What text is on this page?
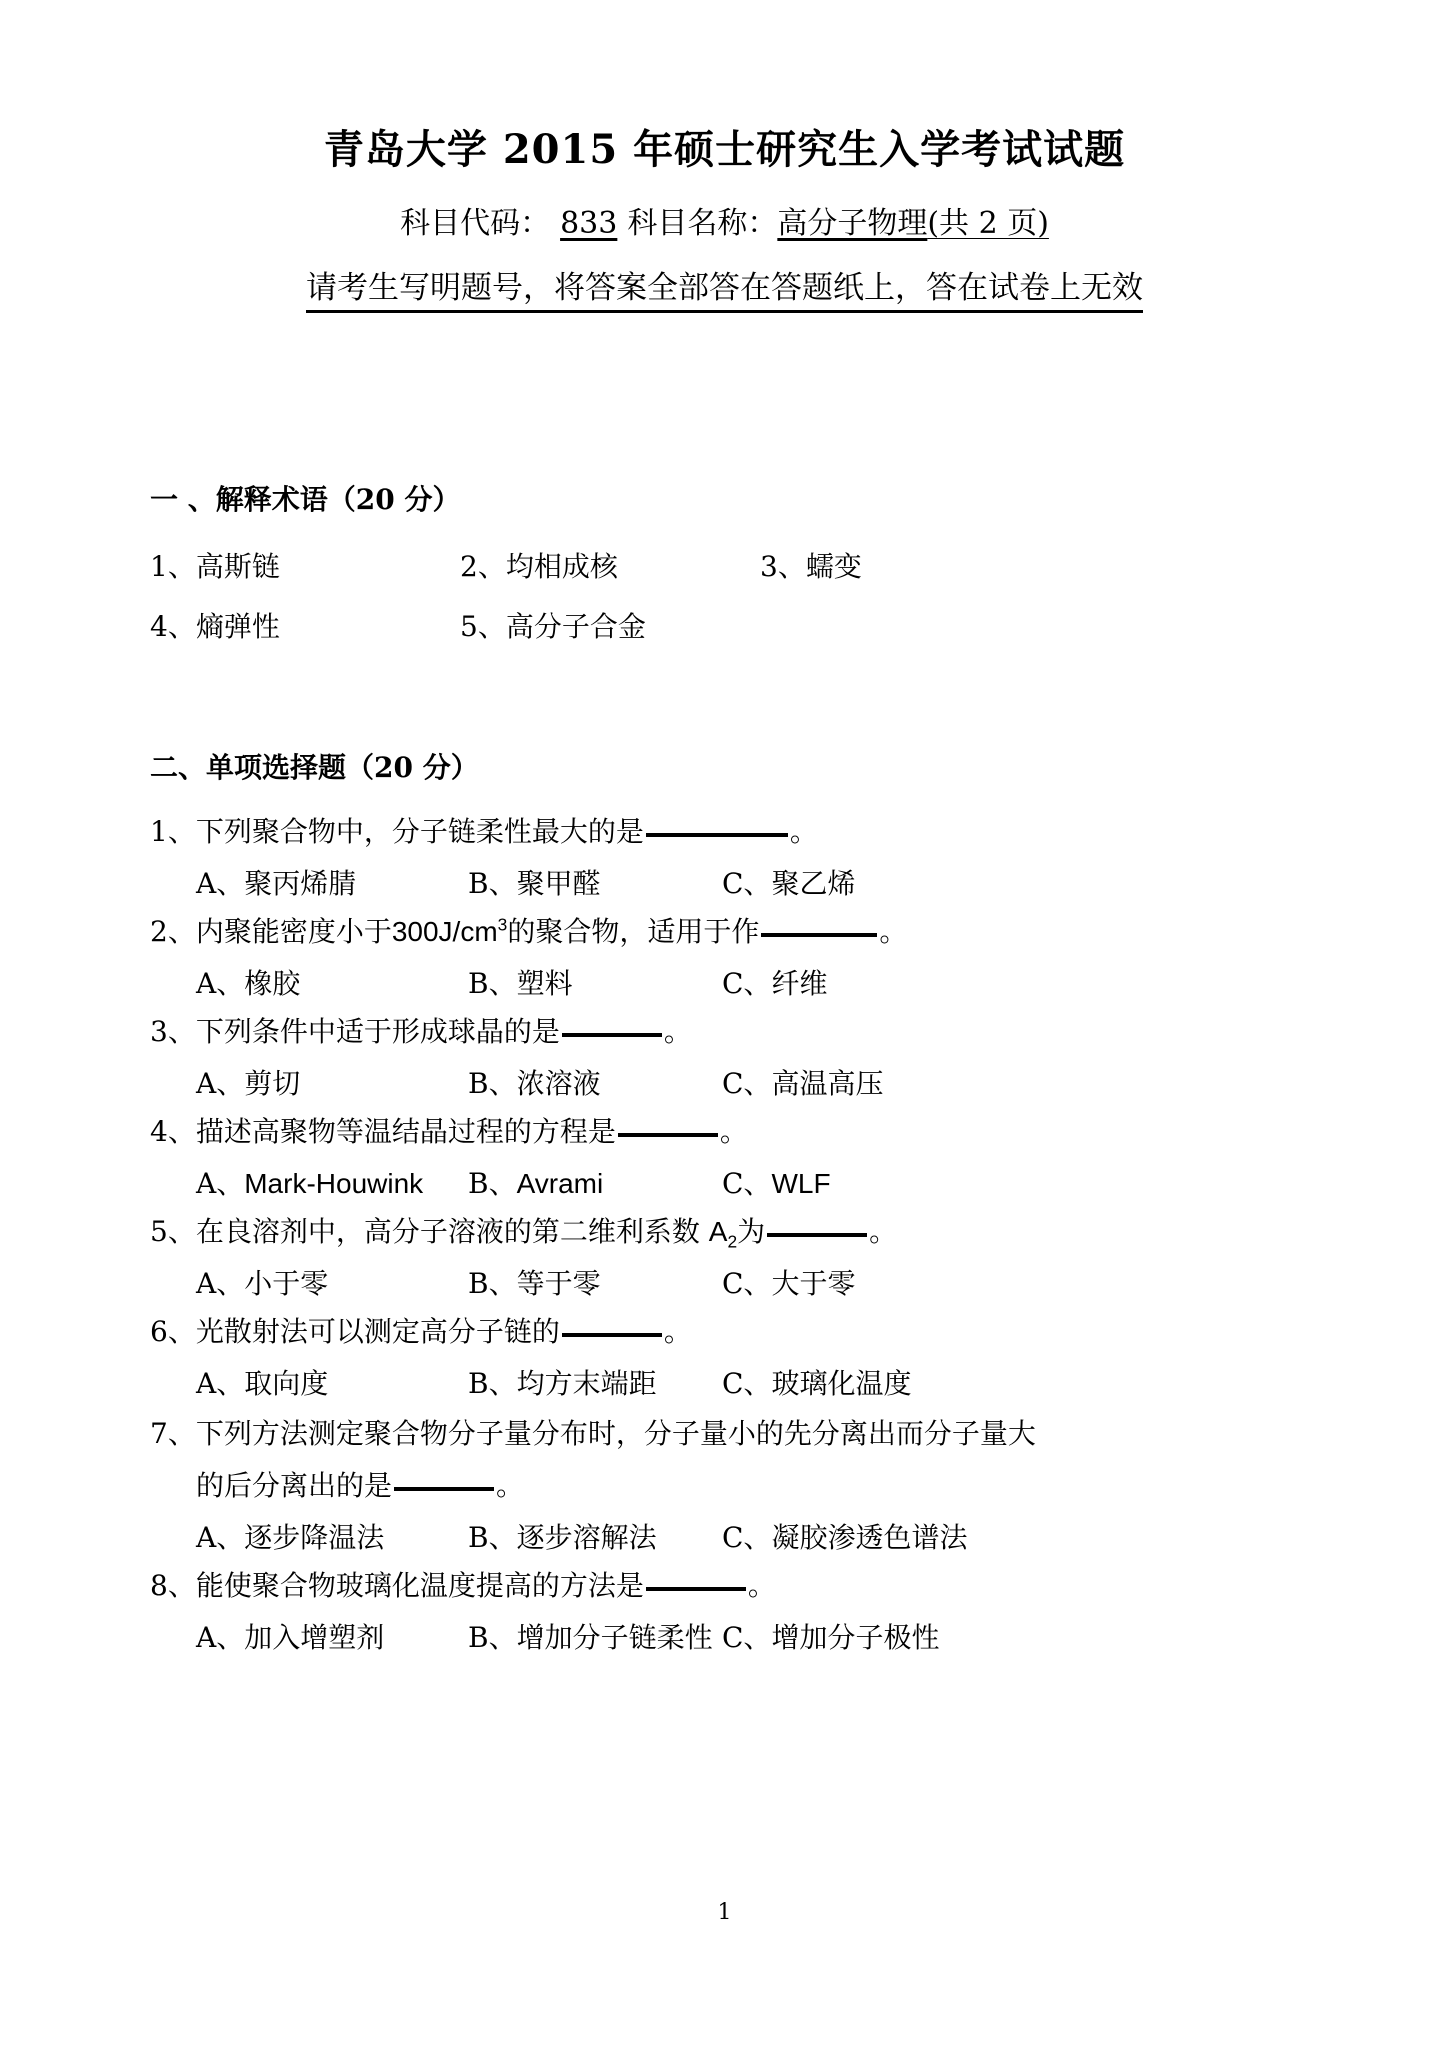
青岛大学 2015 年硕士研究生入学考试试题
科目代码： 833 科目名称：高分子物理(共 2 页)
请考生写明题号，将答案全部答在答题纸上，答在试卷上无效
一 、解释术语（20 分）
1、高斯链	2、均相成核	3、蠕变
4、熵弹性	5、高分子合金
二、单项选择题（20 分）
1、下列聚合物中，分子链柔性最大的是	。
A、聚丙烯腈	B、聚甲醛	C、聚乙烯
2、内聚能密度小于$300J/cm^3$的聚合物，适用于作	。
A、橡胶	B、塑料	C、纤维
3、下列条件中适于形成球晶的是	。
A、剪切	B、浓溶液	C、高温高压
4、描述高聚物等温结晶过程的方程是	。
A、Mark-Houwink B、Avrami	C、WLF
5、在良溶剂中，高分子溶液的第二维利系数 $A_2$为	。
A、小于零	B、等于零	C、大于零
6、光散射法可以测定高分子链的	。
A、取向度	B、均方末端距 C、玻璃化温度
7、下列方法测定聚合物分子量分布时，分子量小的先分离出而分子量大
的后分离出的是	。
A、逐步降温法	B、逐步溶解法 C、凝胶渗透色谱法
8、能使聚合物玻璃化温度提高的方法是	。
A、加入增塑剂	B、增加分子链柔性 C、增加分子极性
1
